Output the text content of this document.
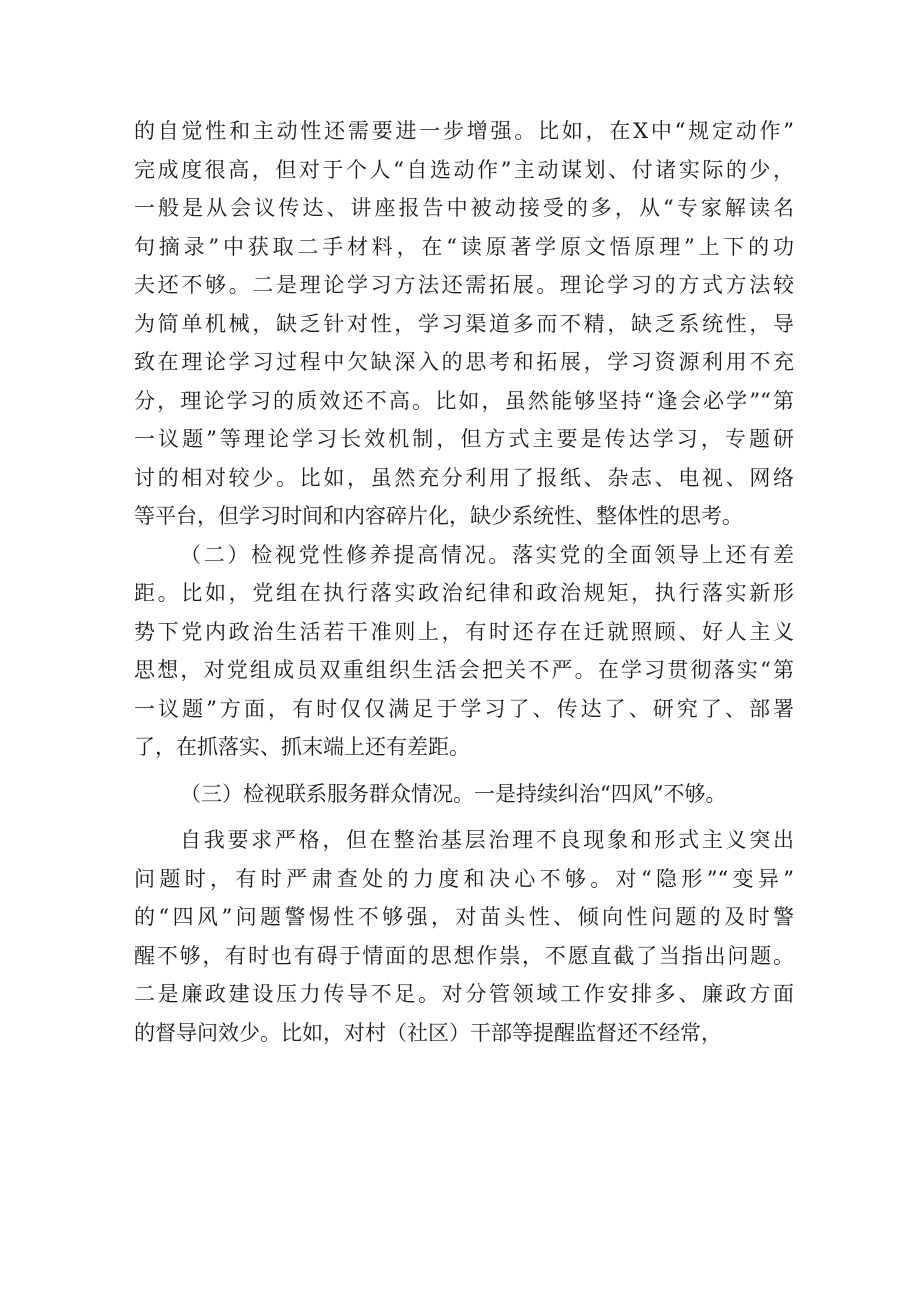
的自觉性和主动性还需要进一步增强。比如，在X中“规定动作”
完成度很高，但对于个人“自选动作”主动谋划、付诸实际的少，
一般是从会议传达、讲座报告中被动接受的多，从“专家解读名
句摘录”中获取二手材料，在“读原著学原文悟原理”上下的功
夫还不够。二是理论学习方法还需拓展。理论学习的方式方法较
为简单机械，缺乏针对性，学习渠道多而不精，缺乏系统性，导
致在理论学习过程中欠缺深入的思考和拓展，学习资源利用不充
分，理论学习的质效还不高。比如，虽然能够坚持“逢会必学”“第
一议题”等理论学习长效机制，但方式主要是传达学习，专题研
讨的相对较少。比如，虽然充分利用了报纸、杂志、电视、网络
等平台，但学习时间和内容碎片化，缺少系统性、整体性的思考。
（二）检视党性修养提高情况。落实党的全面领导上还有差
距。比如，党组在执行落实政治纪律和政治规矩，执行落实新形
势下党内政治生活若干准则上，有时还存在迁就照顾、好人主义
思想，对党组成员双重组织生活会把关不严。在学习贯彻落实“第
一议题”方面，有时仅仅满足于学习了、传达了、研究了、部署
了，在抓落实、抓末端上还有差距。
（三）检视联系服务群众情况。一是持续纠治“四风”不够。
自我要求严格，但在整治基层治理不良现象和形式主义突出
问题时，有时严肃查处的力度和决心不够。对“隐形”“变异”
的“四风”问题警惕性不够强，对苗头性、倾向性问题的及时警
醒不够，有时也有碍于情面的思想作祟，不愿直截了当指出问题。
二是廉政建设压力传导不足。对分管领域工作安排多、廉政方面
的督导问效少。比如，对村（社区）干部等提醒监督还不经常，
